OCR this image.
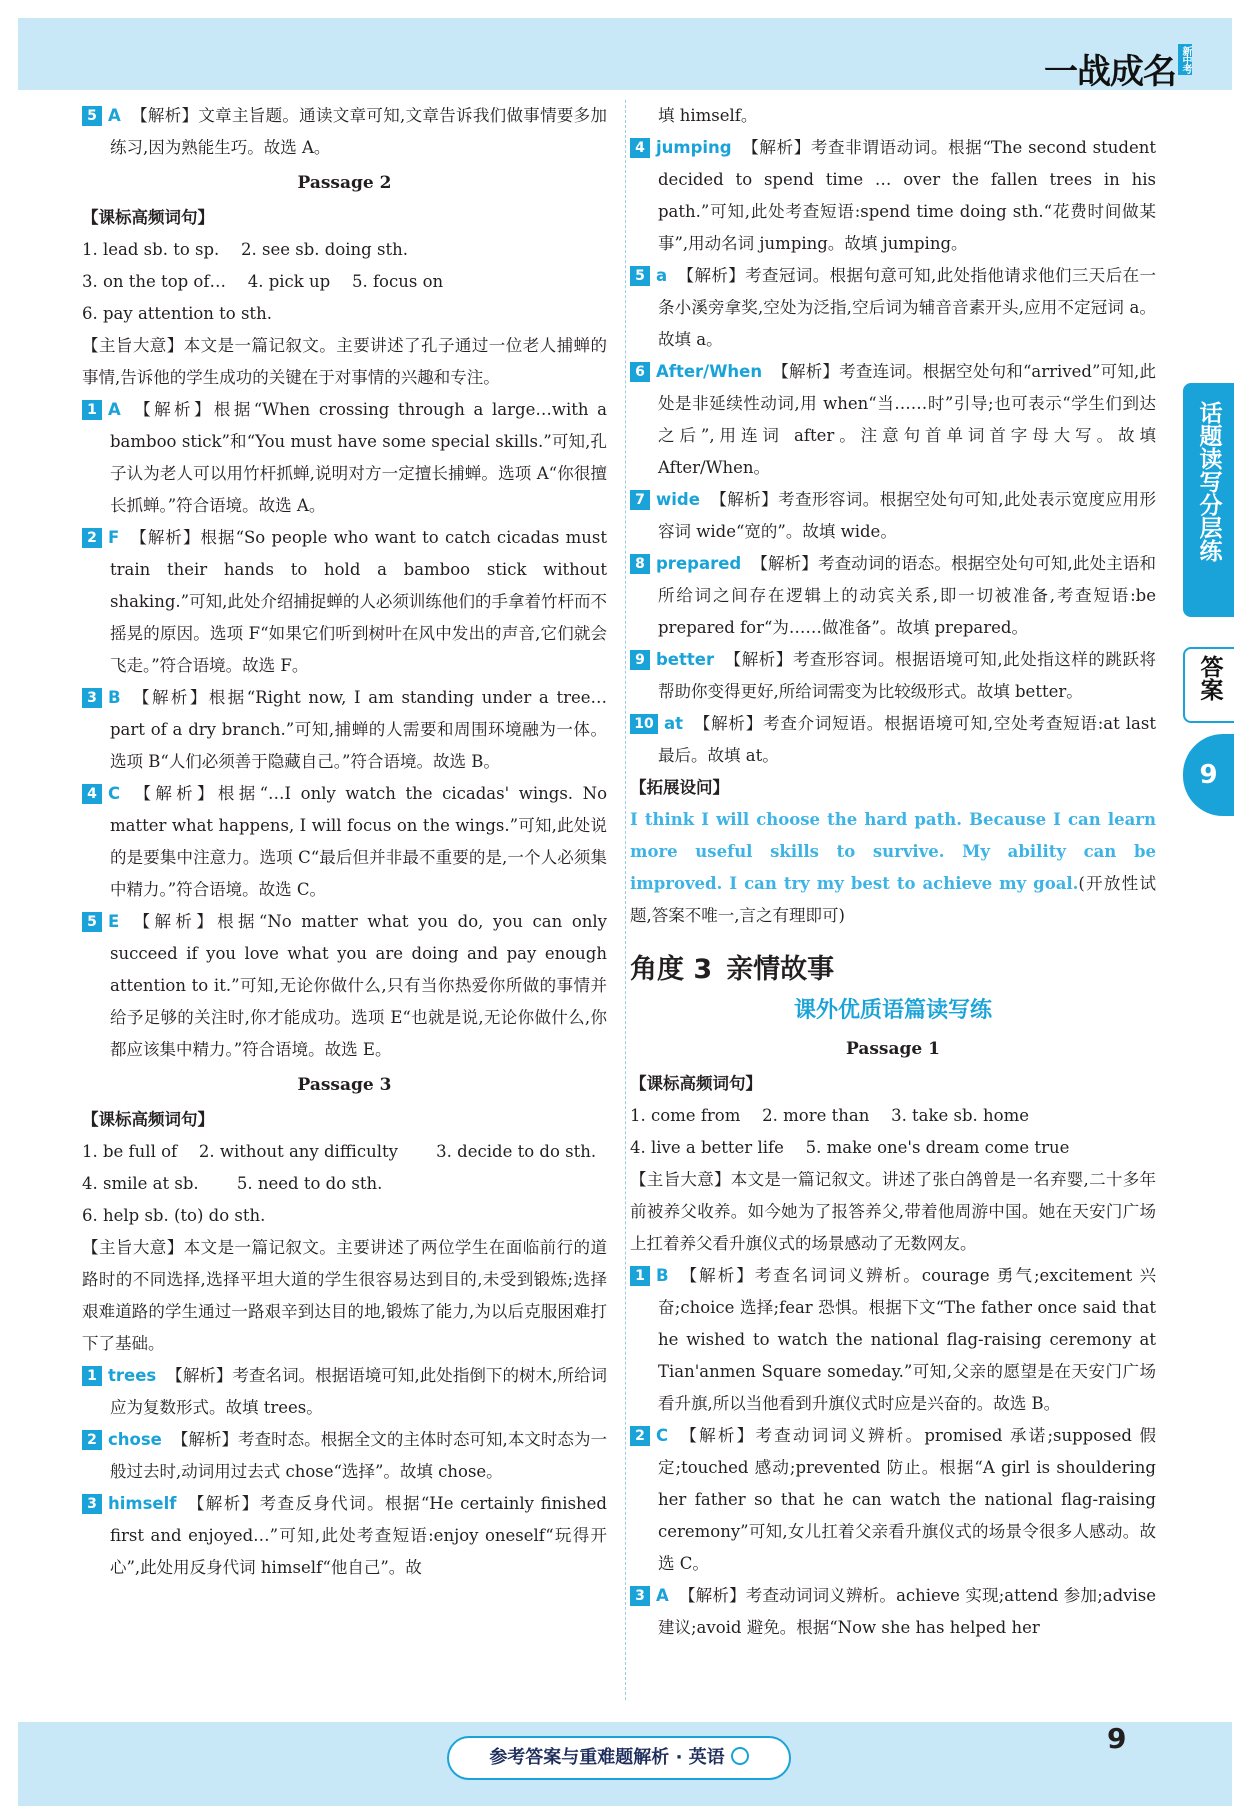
一战成名 新中考

5 A 【解析】文章主旨题。通读文章可知,文章告诉我们做事情要多加练习,因为熟能生巧。故选 A。

Passage 2

【课标高频词句】

1. lead sb. to sp.　 2. see sb. doing sth.

3. on the top of…　 4. pick up　 5. focus on

6. pay attention to sth.

【主旨大意】本文是一篇记叙文。主要讲述了孔子通过一位老人捕蝉的事情,告诉他的学生成功的关键在于对事情的兴趣和专注。

1 A 【解析】根据“When crossing through a large…with a bamboo stick”和“You must have some special skills.”可知,孔子认为老人可以用竹杆抓蝉,说明对方一定擅长捕蝉。选项 A“你很擅长抓蝉。”符合语境。故选 A。

2 F 【解析】根据“So people who want to catch cicadas must train their hands to hold a bamboo stick without shaking.”可知,此处介绍捕捉蝉的人必须训练他们的手拿着竹杆而不摇晃的原因。选项 F“如果它们听到树叶在风中发出的声音,它们就会飞走。”符合语境。故选 F。

3 B 【解析】根据“Right now, I am standing under a tree…part of a dry branch.”可知,捕蝉的人需要和周围环境融为一体。选项 B“人们必须善于隐藏自己。”符合语境。故选 B。

4 C 【解析】根据“…I only watch the cicadas' wings. No matter what happens, I will focus on the wings.”可知,此处说的是要集中注意力。选项 C“最后但并非最不重要的是,一个人必须集中精力。”符合语境。故选 C。

5 E 【解析】根据“No matter what you do, you can only succeed if you love what you are doing and pay enough attention to it.”可知,无论你做什么,只有当你热爱你所做的事情并给予足够的关注时,你才能成功。选项 E“也就是说,无论你做什么,你都应该集中精力。”符合语境。故选 E。

Passage 3

【课标高频词句】

1. be full of　 2. without any difficulty　　 3. decide to do sth.

4. smile at sb.　　 5. need to do sth.

6. help sb. (to) do sth.

【主旨大意】本文是一篇记叙文。主要讲述了两位学生在面临前行的道路时的不同选择,选择平坦大道的学生很容易达到目的,未受到锻炼;选择艰难道路的学生通过一路艰辛到达目的地,锻炼了能力,为以后克服困难打下了基础。

1 trees 【解析】考查名词。根据语境可知,此处指倒下的树木,所给词应为复数形式。故填 trees。

2 chose 【解析】考查时态。根据全文的主体时态可知,本文时态为一般过去时,动词用过去式 chose“选择”。故填 chose。

3 himself 【解析】考查反身代词。根据“He certainly finished first and enjoyed…”可知,此处考查短语:enjoy oneself“玩得开心”,此处用反身代词 himself“他自己”。故

填 himself。

4 jumping 【解析】考查非谓语动词。根据“The second student decided to spend time … over the fallen trees in his path.”可知,此处考查短语:spend time doing sth.“花费时间做某事”,用动名词 jumping。故填 jumping。

5 a 【解析】考查冠词。根据句意可知,此处指他请求他们三天后在一条小溪旁拿奖,空处为泛指,空后词为辅音音素开头,应用不定冠词 a。故填 a。

6 After/When 【解析】考查连词。根据空处句和“arrived”可知,此处是非延续性动词,用 when“当……时”引导;也可表示“学生们到达之后”,用连词 after。注意句首单词首字母大写。故填 After/When。

7 wide 【解析】考查形容词。根据空处句可知,此处表示宽度应用形容词 wide“宽的”。故填 wide。

8 prepared 【解析】考查动词的语态。根据空处句可知,此处主语和所给词之间存在逻辑上的动宾关系,即一切被准备,考查短语:be prepared for“为……做准备”。故填 prepared。

9 better 【解析】考查形容词。根据语境可知,此处指这样的跳跃将帮助你变得更好,所给词需变为比较级形式。故填 better。

10 at 【解析】考查介词短语。根据语境可知,空处考查短语:at last 最后。故填 at。

【拓展设问】

I think I will choose the hard path. Because I can learn more useful skills to survive. My ability can be improved. I can try my best to achieve my goal.(开放性试题,答案不唯一,言之有理即可)

角度 3 亲情故事

课外优质语篇读写练

Passage 1

【课标高频词句】

1. come from　 2. more than　 3. take sb. home

4. live a better life　 5. make one's dream come true

【主旨大意】本文是一篇记叙文。讲述了张白鸽曾是一名弃婴,二十多年前被养父收养。如今她为了报答养父,带着他周游中国。她在天安门广场上扛着养父看升旗仪式的场景感动了无数网友。

1 B 【解析】考查名词词义辨析。courage 勇气;excitement 兴奋;choice 选择;fear 恐惧。根据下文“The father once said that he wished to watch the national flag-raising ceremony at Tian'anmen Square someday.”可知,父亲的愿望是在天安门广场看升旗,所以当他看到升旗仪式时应是兴奋的。故选 B。

2 C 【解析】考查动词词义辨析。promised 承诺;supposed 假定;touched 感动;prevented 防止。根据“A girl is shouldering her father so that he can watch the national flag-raising ceremony”可知,女儿扛着父亲看升旗仪式的场景令很多人感动。故选 C。

3 A 【解析】考查动词词义辨析。achieve 实现;attend 参加;advise 建议;avoid 避免。根据“Now she has helped her

话题读写分层练
答案
9
参考答案与重难题解析 · 英语
9
